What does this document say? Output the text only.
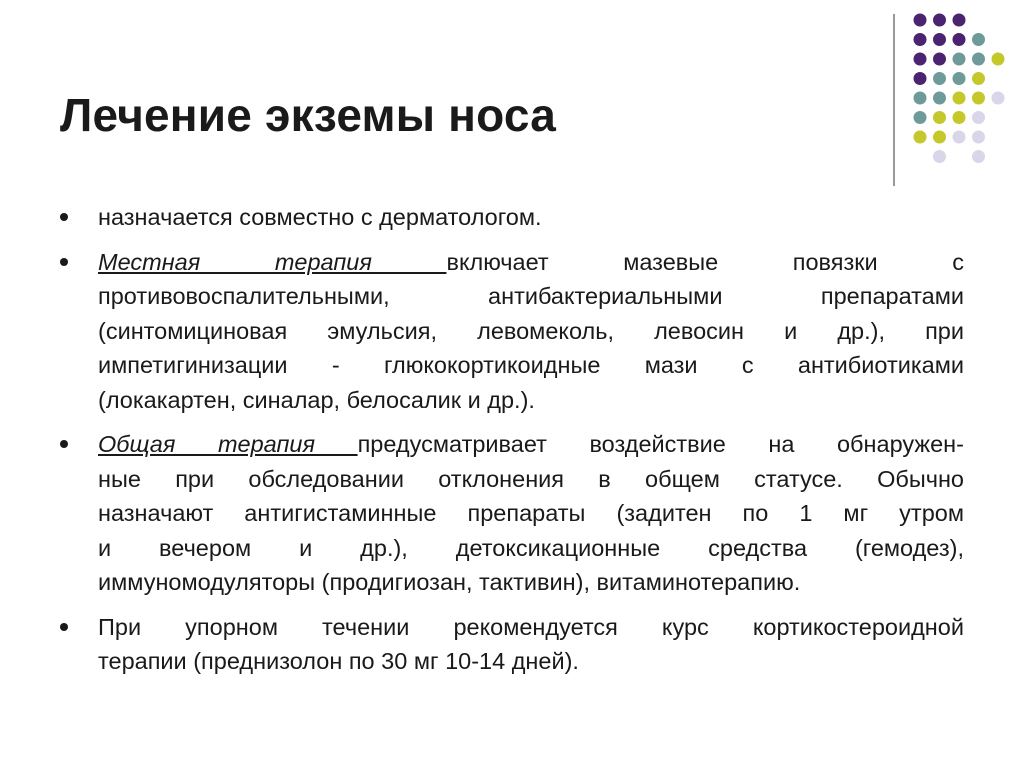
Лечение экземы носа
назначается совместно с дерматологом.
Местная терапия включает мазевые повязки с
противовоспалительными, антибактериальными препаратами
(синтомициновая эмульсия, левомеколь, левосин и др.), при
импетигинизации - глюкокортикоидные мази с антибиотиками
(локакартен, синалар, белосалик и др.).
Общая терапия предусматривает воздействие на обнаружен-
ные при обследовании отклонения в общем статусе. Обычно
назначают антигистаминные препараты (задитен по 1 мг утром
и вечером и др.), детоксикационные средства (гемодез),
иммуномодуляторы (продигиозан, тактивин), витаминотерапию.
При упорном течении рекомендуется курс кортикостероидной
терапии (преднизолон по 30 мг 10-14 дней).
